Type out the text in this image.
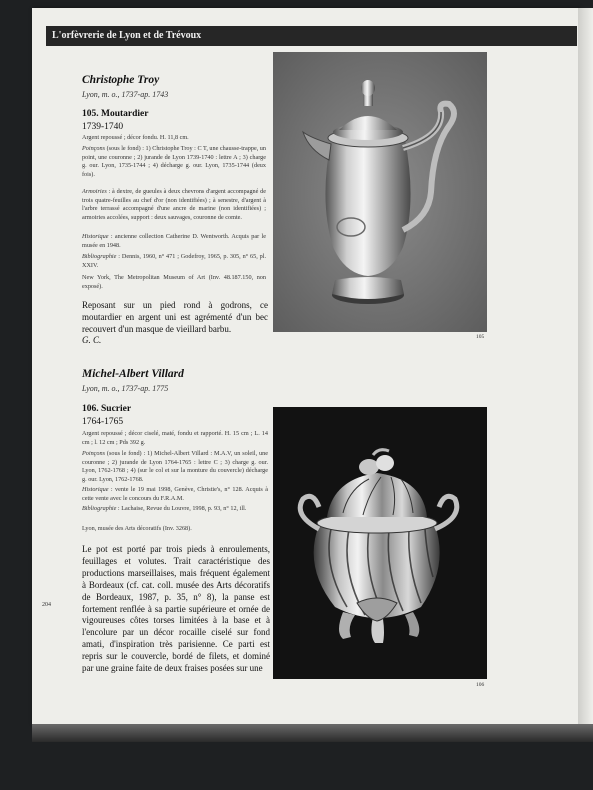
L'orfèvrerie de Lyon et de Trévoux
Christophe Troy
Lyon, m. o., 1737-ap. 1743
105. Moutardier
1739-1740
Argent repoussé ; décor fondu. H. 11,8 cm.
Poinçons (sous le fond) : 1) Christophe Troy : C T, une chausse-trappe, un point, une couronne ; 2) jurande de Lyon 1739-1740 : lettre A ; 3) charge g. our. Lyon, 1735-1744 ; 4) décharge g. our. Lyon, 1735-1744 (deux fois).
Armoiries : à dextre, de gueules à deux chevrons d'argent accompagné de trois quatre-feuilles au chef d'or (non identifiées) ; à senestre, d'argent à l'arbre terrassé accompagné d'une ancre de marine (non identifiées) ; armoiries accolées, support : deux sauvages, couronne de comte.
Historique : ancienne collection Catherine D. Wentworth. Acquis par le musée en 1948.
Bibliographie : Dennis, 1960, n° 471 ; Godefroy, 1965, p. 305, n° 65, pl. XXIV.
New York, The Metropolitan Museum of Art (Inv. 48.187.150, non exposé).
Reposant sur un pied rond à godrons, ce moutardier en argent uni est agrémenté d'un bec recouvert d'un masque de vieillard barbu.
G. C.	105
Michel-Albert Villard
Lyon, m. o., 1737-ap. 1775
106. Sucrier
1764-1765
Argent repoussé ; décor ciselé, maté, fondu et rapporté. H. 15 cm ; L. 14 cm ; l. 12 cm ; Pds 392 g.
Poinçons (sous le fond) : 1) Michel-Albert Villard : M.A.V, un soleil, une couronne ; 2) jurande de Lyon 1764-1765 : lettre C ; 3) charge g. our. Lyon, 1762-1768 ; 4) (sur le col et sur la monture du couvercle) décharge g. our. Lyon, 1762-1768.
Historique : vente le 19 mai 1998, Genève, Christie's, n° 128. Acquis à cette vente avec le concours du F.R.A.M.
Bibliographie : Lachaise, Revue du Louvre, 1998, p. 93, n° 12, ill.
Lyon, musée des Arts décoratifs (Inv. 3268).
Le pot est porté par trois pieds à enroulements, feuillages et volutes. Trait caractéristique des productions marseillaises, mais fréquent également à Bordeaux (cf. cat. coll. musée des Arts décoratifs de Bordeaux, 1987, p. 35, n° 8), la panse est fortement renflée à sa partie supérieure et ornée de vigoureuses côtes torses limitées à la base et à l'encolure par un décor rocaille ciselé sur fond amati, d'inspiration très parisienne. Ce parti est repris sur le couvercle, bordé de filets, et dominé par une graine faite de deux fraises posées sur une
106
204
